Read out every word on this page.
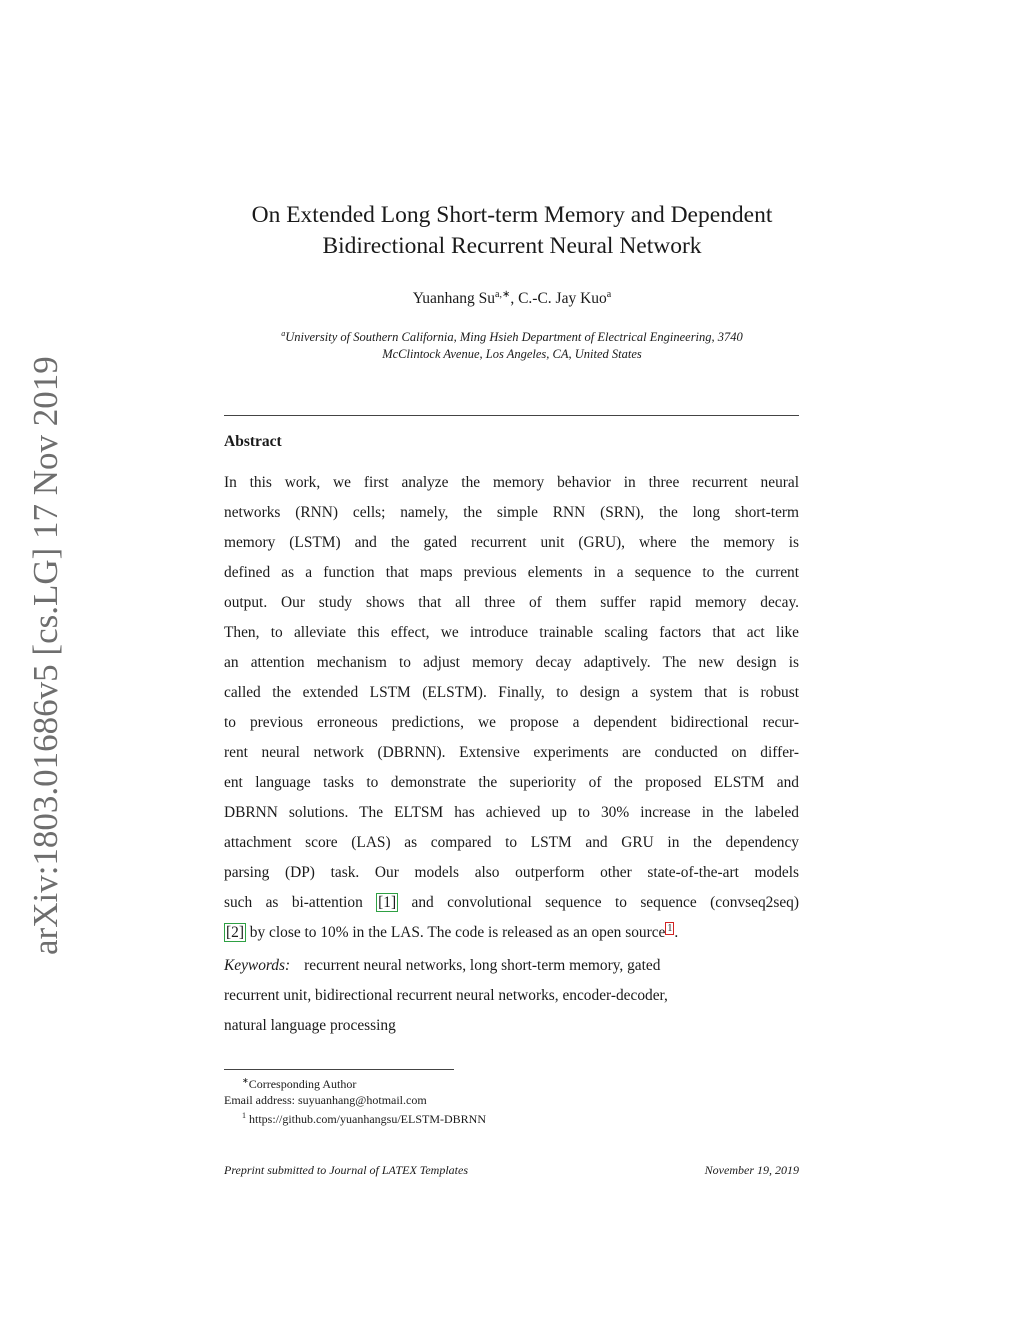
arXiv:1803.01686v5 [cs.LG] 17 Nov 2019
On Extended Long Short-term Memory and Dependent
Bidirectional Recurrent Neural Network
Yuanhang $Su^{a,∗}$, C.-C. Jay Kuo$^a$
$^a$University of Southern California, Ming Hsieh Department of Electrical Engineering, 3740
McClintock Avenue, Los Angeles, CA, United States
Abstract
In this work, we first analyze the memory behavior in three recurrent neural
networks (RNN) cells; namely, the simple RNN (SRN), the long short-term
memory (LSTM) and the gated recurrent unit (GRU), where the memory is
defined as a function that maps previous elements in a sequence to the current
output. Our study shows that all three of them suffer rapid memory decay.
Then, to alleviate this effect, we introduce trainable scaling factors that act like
an attention mechanism to adjust memory decay adaptively. The new design is
called the extended LSTM (ELSTM). Finally, to design a system that is robust
to previous erroneous predictions, we propose a dependent bidirectional recur-
rent neural network (DBRNN). Extensive experiments are conducted on differ-
ent language tasks to demonstrate the superiority of the proposed ELSTM and
DBRNN solutions. The ELTSM has achieved up to 30% increase in the labeled
attachment score (LAS) as compared to LSTM and GRU in the dependency
parsing (DP) task. Our models also outperform other state-of-the-art models
such as bi-attention [1] and convolutional sequence to sequence (convseq2seq)
[2] by close to 10% in the LAS. The code is released as an open source $^1$ .
Keywords: recurrent neural networks, long short-term memory, gated
recurrent unit, bidirectional recurrent neural networks, encoder-decoder,
natural language processing
∗Corresponding Author
Email address: suyuanhang@hotmail.com
$^1$ https://github.com/yuanhangsu/ELSTM-DBRNN
Preprint submitted to Journal of LATEX Templates	November 19, 2019
